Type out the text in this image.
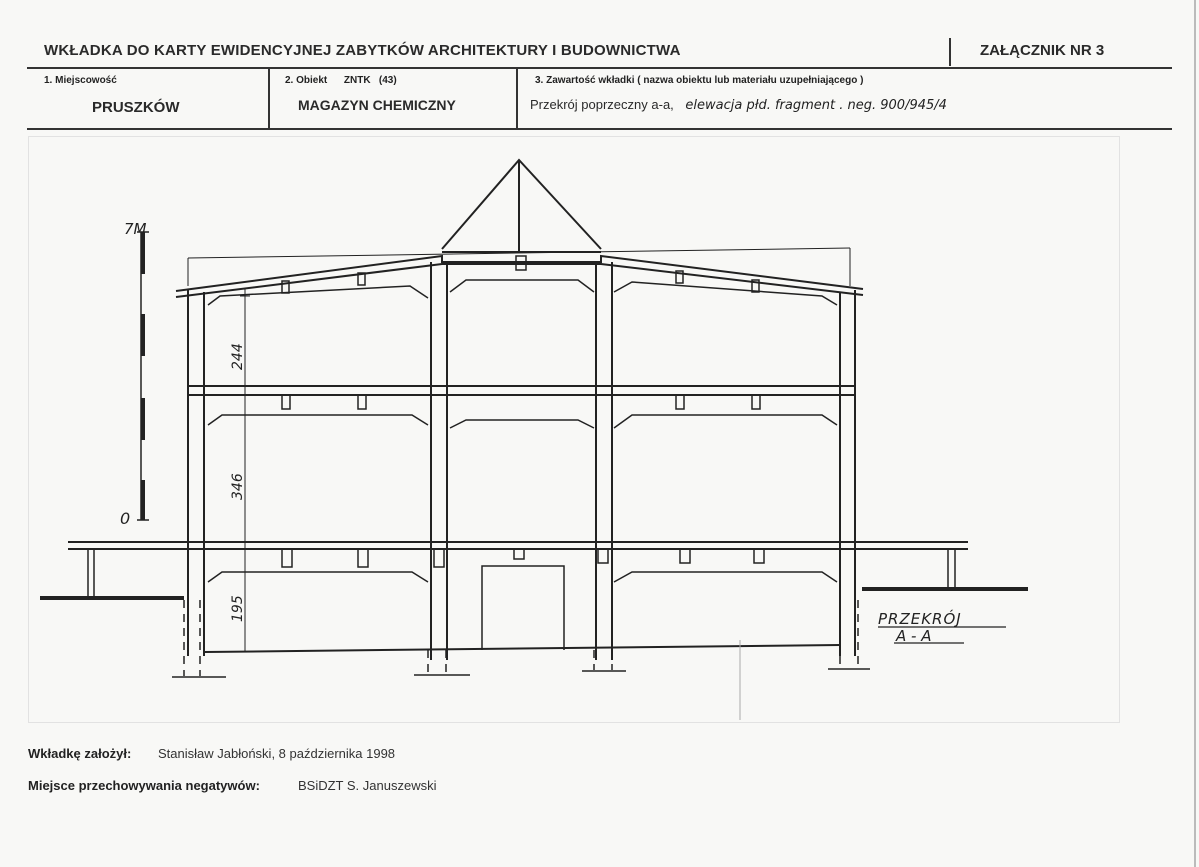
WKŁADKA DO KARTY EWIDENCYJNEJ ZABYTKÓW ARCHITEKTURY I BUDOWNICTWA	ZAŁĄCZNIK NR 3
1. Miejscowość
PRUSZKÓW
2. Obiekt      ZNTK   (43)
MAGAZYN CHEMICZNY
3. Zawartość wkładki ( nazwa obiektu lub materiału uzupełniającego )
Przekrój poprzeczny a-a, elewacja płd. fragment . neg. 900/945/4
7M
0
244
346
195	PRZEKRÓJ
A - A
Wkładkę założył: Stanisław Jabłoński, 8 października 1998
Miejsce przechowywania negatywów:	BSiDZT S. Januszewski
